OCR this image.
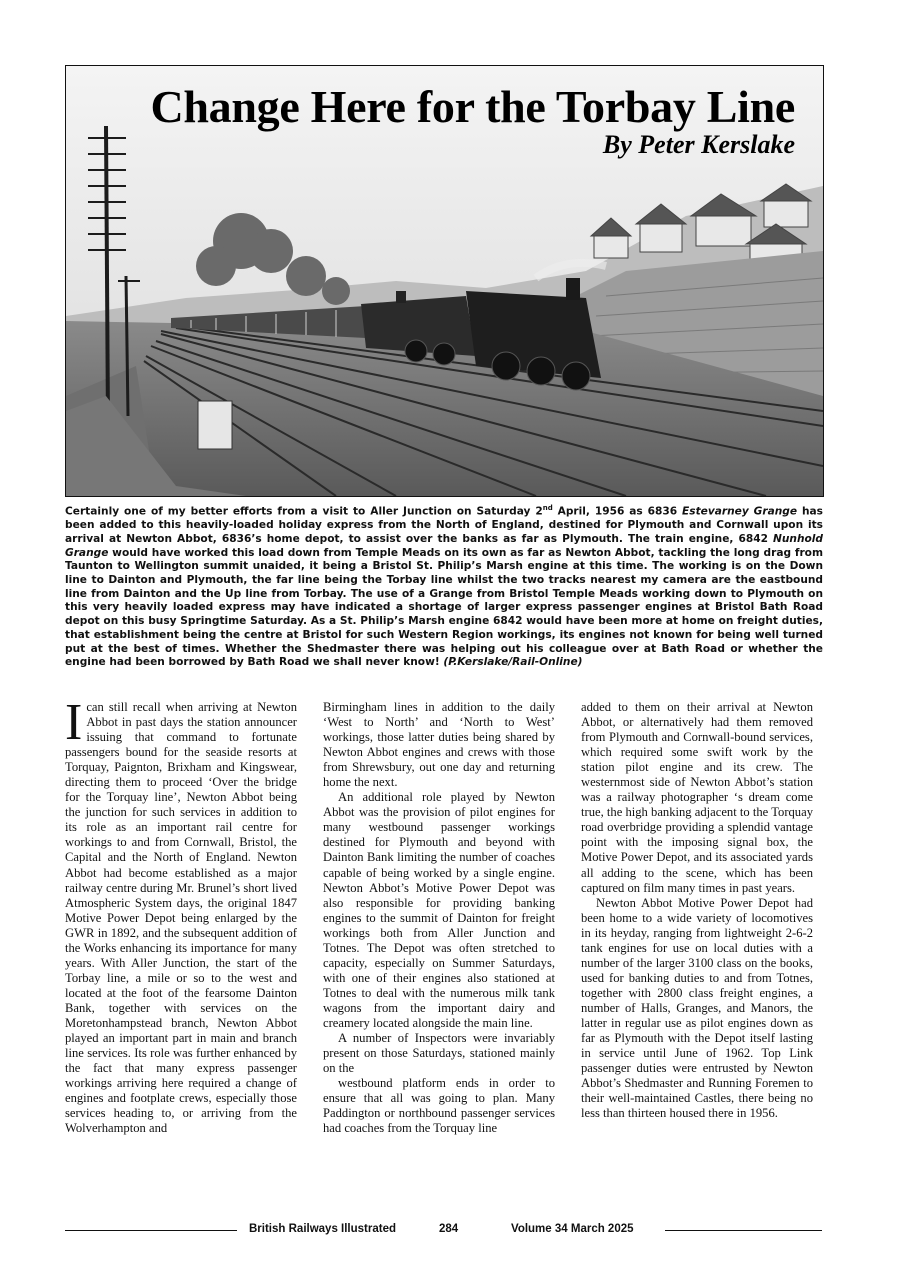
Change Here for the Torbay Line
By Peter Kerslake

Certainly one of my better efforts from a visit to Aller Junction on Saturday 2nd April, 1956 as 6836 Estevarney Grange has been added to this heavily-loaded holiday express from the North of England, destined for Plymouth and Cornwall upon its arrival at Newton Abbot, 6836’s home depot, to assist over the banks as far as Plymouth. The train engine, 6842 Nunhold Grange would have worked this load down from Temple Meads on its own as far as Newton Abbot, tackling the long drag from Taunton to Wellington summit unaided, it being a Bristol St. Philip’s Marsh engine at this time. The working is on the Down line to Dainton and Plymouth, the far line being the Torbay line whilst the two tracks nearest my camera are the eastbound line from Dainton and the Up line from Torbay. The use of a Grange from Bristol Temple Meads working down to Plymouth on this very heavily loaded express may have indicated a shortage of larger express passenger engines at Bristol Bath Road depot on this busy Springtime Saturday. As a St. Philip’s Marsh engine 6842 would have been more at home on freight duties, that establishment being the centre at Bristol for such Western Region workings, its engines not known for being well turned put at the best of times. Whether the Shedmaster there was helping out his colleague over at Bath Road or whether the engine had been borrowed by Bath Road we shall never know! (P.Kerslake/Rail-Online)

Ican still recall when arriving at Newton Abbot in past days the station announcer issuing that command to fortunate passengers bound for the seaside resorts at Torquay, Paignton, Brixham and Kingswear, directing them to proceed ‘Over the bridge for the Torquay line’, Newton Abbot being the junction for such services in addition to its role as an important rail centre for workings to and from Cornwall, Bristol, the Capital and the North of England. Newton Abbot had become established as a major railway centre during Mr. Brunel’s short lived Atmospheric System days, the original 1847 Motive Power Depot being enlarged by the GWR in 1892, and the subsequent addition of the Works enhancing its importance for many years. With Aller Junction, the start of the Torbay line, a mile or so to the west and located at the foot of the fearsome Dainton Bank, together with services on the Moretonhampstead branch, Newton Abbot played an important part in main and branch line services. Its role was further enhanced by the fact that many express passenger workings arriving here required a change of engines and footplate crews, especially those services heading to, or arriving from the Wolverhampton and

Birmingham lines in addition to the daily ‘West to North’ and ‘North to West’ workings, those latter duties being shared by Newton Abbot engines and crews with those from Shrewsbury, out one day and returning home the next.

An additional role played by Newton Abbot was the provision of pilot engines for many westbound passenger workings destined for Plymouth and beyond with Dainton Bank limiting the number of coaches capable of being worked by a single engine. Newton Abbot’s Motive Power Depot was also responsible for providing banking engines to the summit of Dainton for freight workings both from Aller Junction and Totnes. The Depot was often stretched to capacity, especially on Summer Saturdays, with one of their engines also stationed at Totnes to deal with the numerous milk tank wagons from the important dairy and creamery located alongside the main line.

A number of Inspectors were invariably present on those Saturdays, stationed mainly on the

westbound platform ends in order to ensure that all was going to plan. Many Paddington or northbound passenger services had coaches from the Torquay line

added to them on their arrival at Newton Abbot, or alternatively had them removed from Plymouth and Cornwall-bound services, which required some swift work by the station pilot engine and its crew. The westernmost side of Newton Abbot’s station was a railway photographer ‘s dream come true, the high banking adjacent to the Torquay road overbridge providing a splendid vantage point with the imposing signal box, the Motive Power Depot, and its associated yards all adding to the scene, which has been captured on film many times in past years.

Newton Abbot Motive Power Depot had been home to a wide variety of locomotives in its heyday, ranging from lightweight 2-6-2 tank engines for use on local duties with a number of the larger 3100 class on the books, used for banking duties to and from Totnes, together with 2800 class freight engines, a number of Halls, Granges, and Manors, the latter in regular use as pilot engines down as far as Plymouth with the Depot itself lasting in service until June of 1962. Top Link passenger duties were entrusted by Newton Abbot’s Shedmaster and Running Foremen to their well-maintained Castles, there being no less than thirteen housed there in 1956.

British Railways Illustrated	284	Volume 34 March 2025
